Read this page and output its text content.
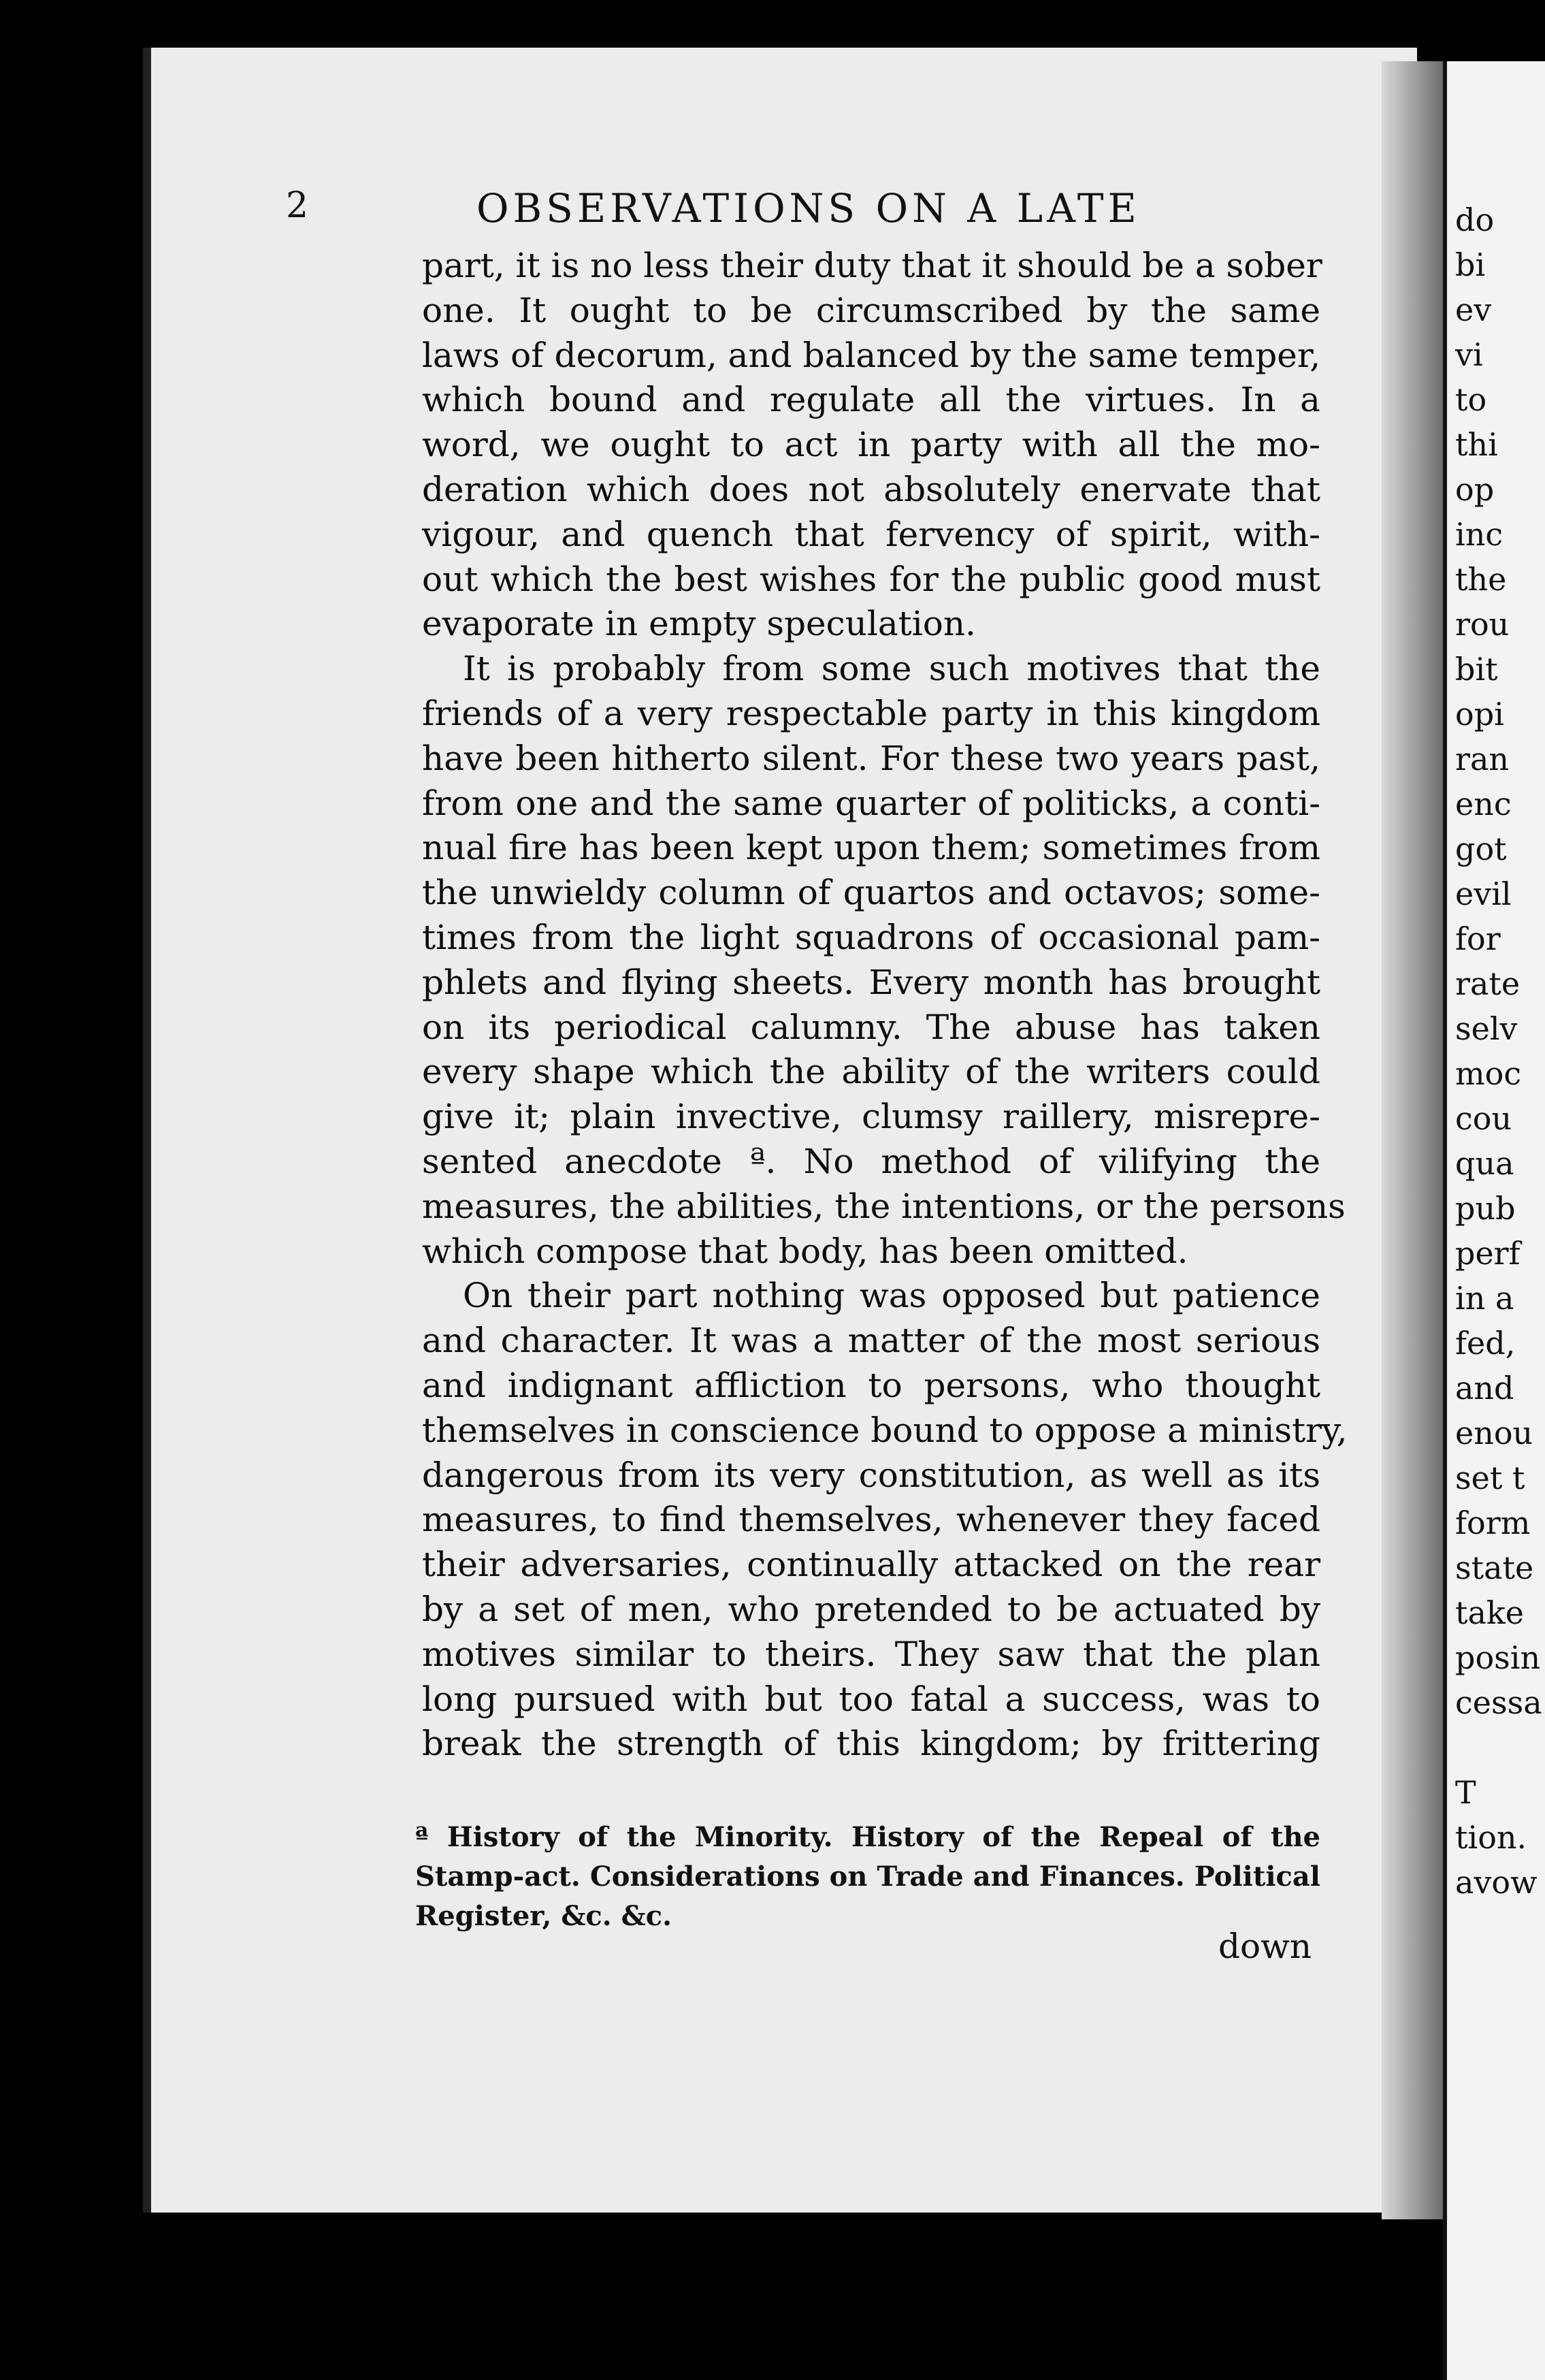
2	OBSERVATIONS ON A LATE
part, it is no less their duty that it should be a sober
one. It ought to be circumscribed by the same
laws of decorum, and balanced by the same temper,
which bound and regulate all the virtues. In a
word, we ought to act in party with all the mo-
deration which does not absolutely enervate that
vigour, and quench that fervency of spirit, with-
out which the best wishes for the public good must
evaporate in empty speculation.
It is probably from some such motives that the
friends of a very respectable party in this kingdom
have been hitherto silent. For these two years past,
from one and the same quarter of politicks, a conti-
nual fire has been kept upon them; sometimes from
the unwieldy column of quartos and octavos; some-
times from the light squadrons of occasional pam-
phlets and flying sheets. Every month has brought
on its periodical calumny. The abuse has taken
every shape which the ability of the writers could
give it; plain invective, clumsy raillery, misrepre-
sented anecdote ª. No method of vilifying the
measures, the abilities, the intentions, or the persons
which compose that body, has been omitted.
On their part nothing was opposed but patience
and character. It was a matter of the most serious
and indignant affliction to persons, who thought
themselves in conscience bound to oppose a ministry,
dangerous from its very constitution, as well as its
measures, to find themselves, whenever they faced
their adversaries, continually attacked on the rear
by a set of men, who pretended to be actuated by
motives similar to theirs. They saw that the plan
long pursued with but too fatal a success, was to
break the strength of this kingdom; by frittering
ª History of the Minority. History of the Repeal of the
Stamp-act. Considerations on Trade and Finances. Political
Register, &c. &c.
down
do
bi
ev
vi
to
thi
op
inc
the
rou
bit
opi
ran
enc
got
evil
for
rate
selv
moc
cou
qua
pub
perf
in a
fed,
and
enou
set t
form
state
take
posin
cessa
T
tion.
avow
